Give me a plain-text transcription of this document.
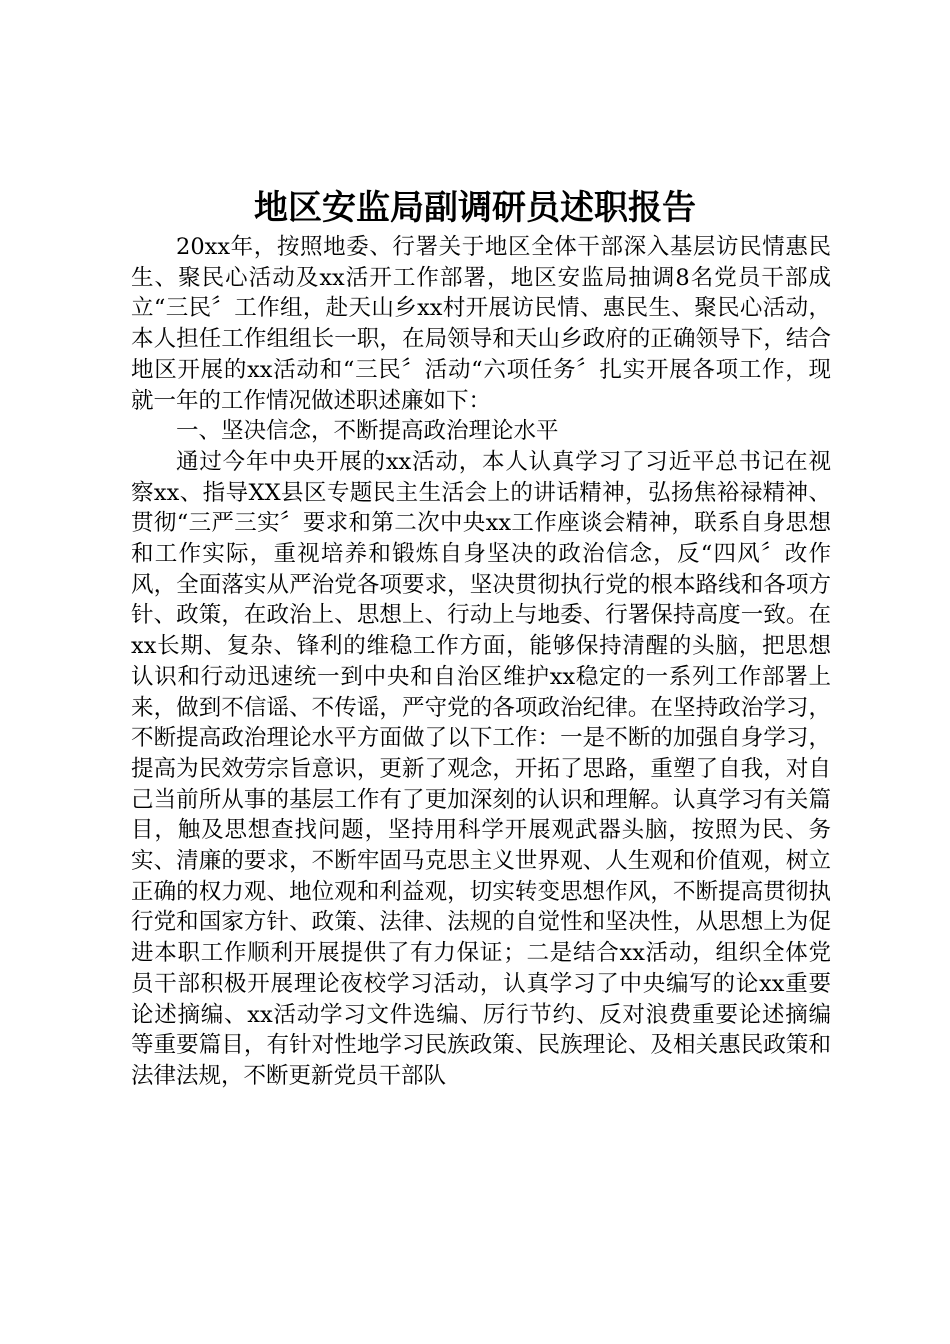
地区安监局副调研员述职报告

20xx年，按照地委、行署关于地区全体干部深入基层访民情惠民生、聚民心活动及xx活开工作部署，地区安监局抽调8名党员干部成立“三民〞工作组，赴天山乡xx村开展访民情、惠民生、聚民心活动，本人担任工作组组长一职，在局领导和天山乡政府的正确领导下，结合地区开展的xx活动和“三民〞活动“六项任务〞扎实开展各项工作，现就一年的工作情况做述职述廉如下：

一、坚决信念，不断提高政治理论水平

通过今年中央开展的xx活动，本人认真学习了习近平总书记在视察xx、指导XX县区专题民主生活会上的讲话精神，弘扬焦裕禄精神、贯彻“三严三实〞要求和第二次中央xx工作座谈会精神，联系自身思想和工作实际，重视培养和锻炼自身坚决的政治信念，反“四风〞改作风，全面落实从严治党各项要求，坚决贯彻执行党的根本路线和各项方针、政策，在政治上、思想上、行动上与地委、行署保持高度一致。在xx长期、复杂、锋利的维稳工作方面，能够保持清醒的头脑，把思想认识和行动迅速统一到中央和自治区维护xx稳定的一系列工作部署上来，做到不信谣、不传谣，严守党的各项政治纪律。在坚持政治学习，不断提高政治理论水平方面做了以下工作：一是不断的加强自身学习，提高为民效劳宗旨意识，更新了观念，开拓了思路，重塑了自我，对自己当前所从事的基层工作有了更加深刻的认识和理解。认真学习有关篇目，触及思想查找问题，坚持用科学开展观武器头脑，按照为民、务实、清廉的要求，不断牢固马克思主义世界观、人生观和价值观，树立正确的权力观、地位观和利益观，切实转变思想作风，不断提高贯彻执行党和国家方针、政策、法律、法规的自觉性和坚决性，从思想上为促进本职工作顺利开展提供了有力保证；二是结合xx活动，组织全体党员干部积极开展理论夜校学习活动，认真学习了中央编写的论xx重要论述摘编、xx活动学习文件选编、厉行节约、反对浪费重要论述摘编等重要篇目，有针对性地学习民族政策、民族理论、及相关惠民政策和法律法规，不断更新党员干部队
